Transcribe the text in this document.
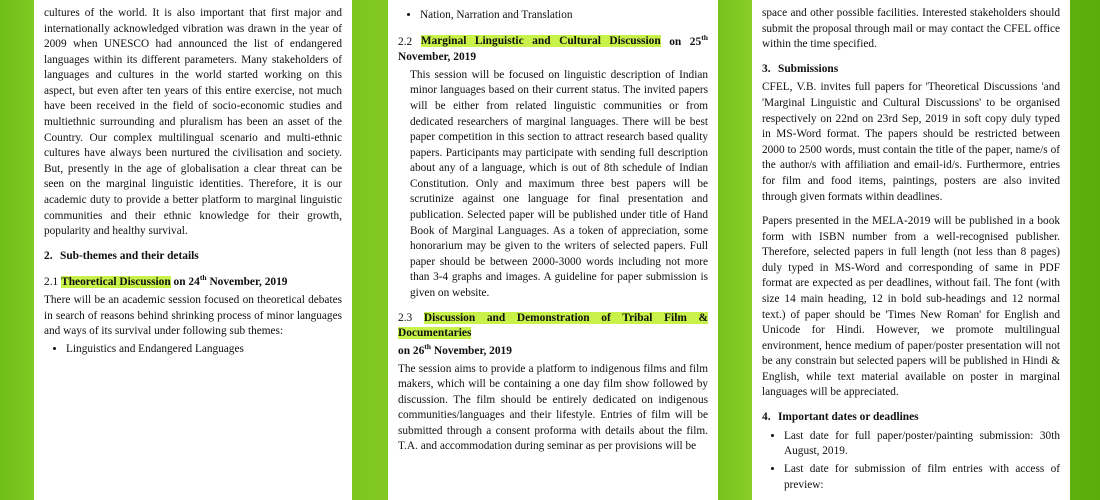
cultures of the world. It is also important that first major and internationally acknowledged vibration was drawn in the year of 2009 when UNESCO had announced the list of endangered languages within its different parameters. Many stakeholders of languages and cultures in the world started working on this aspect, but even after ten years of this entire exercise, not much have been received in the field of socio-economic studies and multiethnic surrounding and pluralism has been an asset of the Country. Our complex multilingual scenario and multi-ethnic cultures have always been nurtured the civilisation and society. But, presently in the age of globalisation a clear threat can be seen on the marginal linguistic identities. Therefore, it is our academic duty to provide a better platform to marginal linguistic communities and their ethnic knowledge for their growth, popularity and healthy survival.

2. Sub-themes and their details
2.1 Theoretical Discussion on 24th November, 2019

There will be an academic session focused on theoretical debates in search of reasons behind shrinking process of minor languages and ways of its survival under following sub themes:

• Linguistics and Endangered Languages
• Nation, Narration and Translation
2.2 Marginal Linguistic and Cultural Discussion on 25th November, 2019

This session will be focused on linguistic description of Indian minor languages based on their current status. The invited papers will be either from related linguistic communities or from dedicated researchers of marginal languages. There will be best paper competition in this section to attract research based quality papers. Participants may participate with sending full description about any of a language, which is out of 8th schedule of Indian Constitution. Only and maximum three best papers will be scrutinize against one language for final presentation and publication. Selected paper will be published under title of Hand Book of Marginal Languages. As a token of appreciation, some honorarium may be given to the writers of selected papers. Full paper should be between 2000-3000 words including not more than 3-4 graphs and images. A guideline for paper submission is given on website.

2.3 Discussion and Demonstration of Tribal Film & Documentaries
on 26th November, 2019

The session aims to provide a platform to indigenous films and film makers, which will be containing a one day film show followed by discussion. The film should be entirely dedicated on indigenous communities/languages and their lifestyle. Entries of film will be submitted through a consent proforma with details about the film. T.A. and accommodation during seminar as per provisions will be

space and other possible facilities. Interested stakeholders should submit the proposal through mail or may contact the CFEL office within the time specified.

3. Submissions

CFEL, V.B. invites full papers for 'Theoretical Discussions 'and 'Marginal Linguistic and Cultural Discussions' to be organised respectively on 22nd on 23rd Sep, 2019 in soft copy duly typed in MS-Word format. The papers should be restricted between 2000 to 2500 words, must contain the title of the paper, name/s of the author/s with affiliation and email-id/s. Furthermore, entries for film and food items, paintings, posters are also invited through given formats within deadlines.

Papers presented in the MELA-2019 will be published in a book form with ISBN number from a well-recognised publisher. Therefore, selected papers in full length (not less than 8 pages) duly typed in MS-Word and corresponding of same in PDF format are expected as per deadlines, without fail. The font (with size 14 main heading, 12 in bold sub-headings and 12 normal text.) of paper should be 'Times New Roman' for English and Unicode for Hindi. However, we promote multilingual environment, hence medium of paper/poster presentation will not be any constrain but selected papers will be published in Hindi & English, while text material available on poster in marginal languages will be appreciated.

4. Important dates or deadlines
• Last date for full paper/poster/painting submission: 30th August, 2019.
• Last date for submission of film entries with access of preview:
